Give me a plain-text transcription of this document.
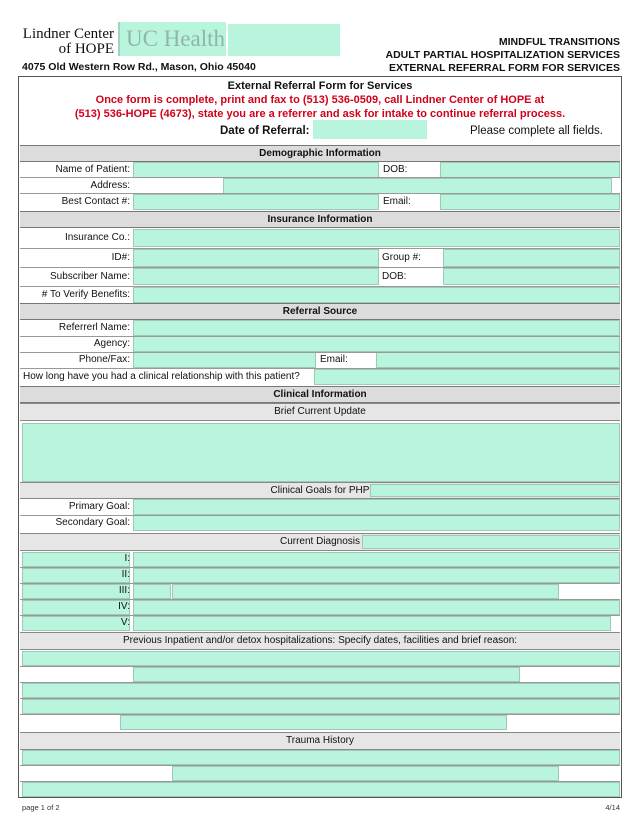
Lindner Center
of HOPE UC Health
4075 Old Western Row Rd., Mason, Ohio 45040
MINDFUL TRANSITIONS
ADULT PARTIAL HOSPITALIZATION SERVICES
EXTERNAL REFERRAL FORM FOR SERVICES
External Referral Form for Services
Once form is complete, print and fax to (513) 536-0509, call Lindner Center of HOPE at
(513) 536-HOPE (4673), state you are a referrer and ask for intake to continue referral process.
Date of Referral:	Please complete all fields.
Demographic Information
Name of Patient:	DOB:
Address:
Best Contact #:	Email:
Insurance Information
Insurance Co.:
ID#:	Group #:
Subscriber Name:	DOB:
# To Verify Benefits:
Referral Source
Referrerl Name:
Agency:
Phone/Fax:	Email:
How long have you had a clinical relationship with this patient?
Clinical Information
Brief Current Update
Clinical Goals for PHP
Primary Goal:
Secondary Goal:
Current Diagnosis
I:
II:
III:
IV:
V:
Previous Inpatient and/or detox hospitalizations: Specify dates, facilities and brief reason:
Trauma History
page 1 of 2	4/14
